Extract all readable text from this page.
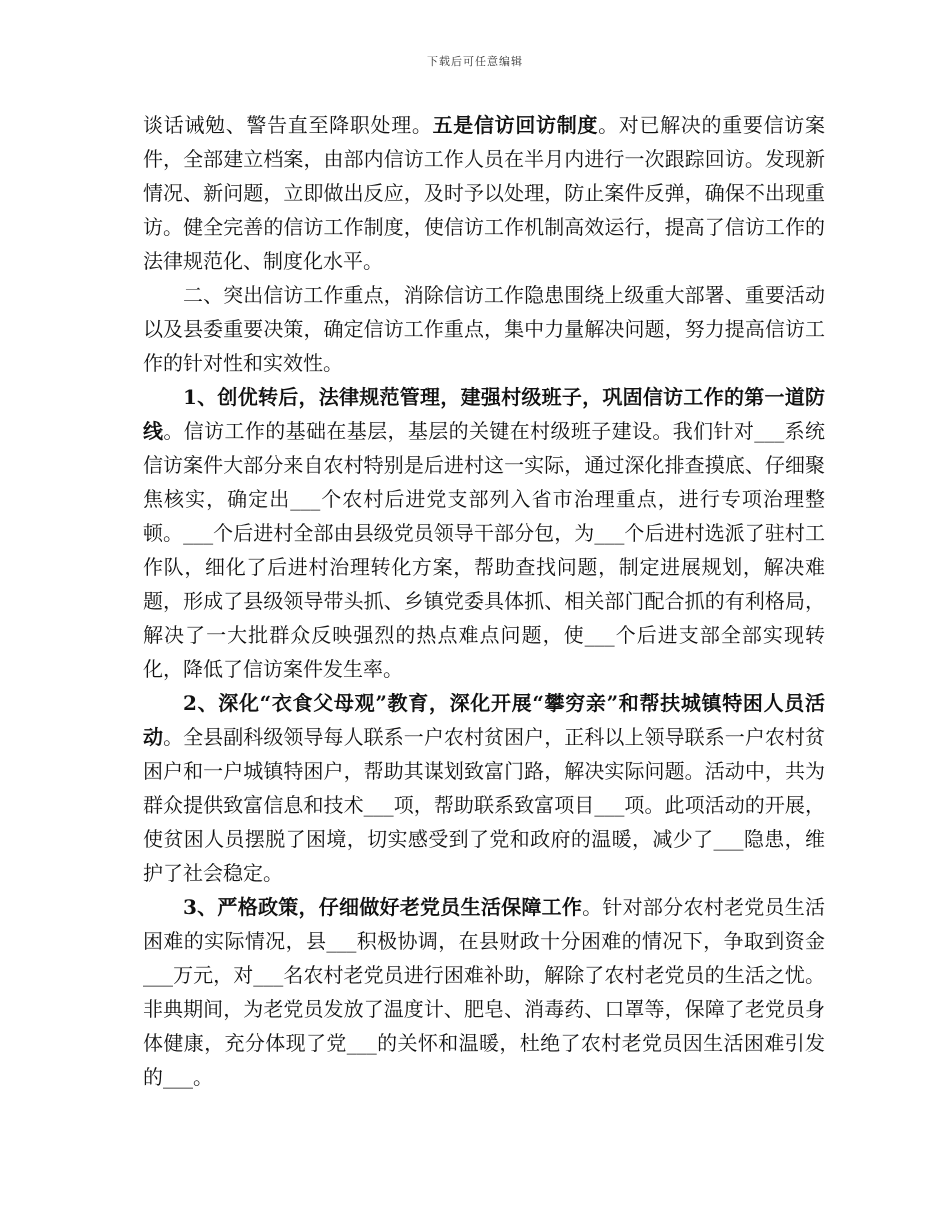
下载后可任意编辑

谈话诫勉、警告直至降职处理。五是信访回访制度。对已解决的重要信访案件，全部建立档案，由部内信访工作人员在半月内进行一次跟踪回访。发现新情况、新问题，立即做出反应，及时予以处理，防止案件反弹，确保不出现重访。健全完善的信访工作制度，使信访工作机制高效运行，提高了信访工作的法律规范化、制度化水平。

二、突出信访工作重点，消除信访工作隐患围绕上级重大部署、重要活动以及县委重要决策，确定信访工作重点，集中力量解决问题，努力提高信访工作的针对性和实效性。

1、创优转后，法律规范管理，建强村级班子，巩固信访工作的第一道防线。信访工作的基础在基层，基层的关键在村级班子建设。我们针对___系统信访案件大部分来自农村特别是后进村这一实际，通过深化排查摸底、仔细聚焦核实，确定出___个农村后进党支部列入省市治理重点，进行专项治理整顿。___个后进村全部由县级党员领导干部分包，为___个后进村选派了驻村工作队，细化了后进村治理转化方案，帮助查找问题，制定进展规划，解决难题，形成了县级领导带头抓、乡镇党委具体抓、相关部门配合抓的有利格局，解决了一大批群众反映强烈的热点难点问题，使___个后进支部全部实现转化，降低了信访案件发生率。

2、深化“衣食父母观”教育，深化开展“攀穷亲”和帮扶城镇特困人员活动。全县副科级领导每人联系一户农村贫困户，正科以上领导联系一户农村贫困户和一户城镇特困户，帮助其谋划致富门路，解决实际问题。活动中，共为群众提供致富信息和技术___项，帮助联系致富项目___项。此项活动的开展，使贫困人员摆脱了困境，切实感受到了党和政府的温暖，减少了___隐患，维护了社会稳定。

3、严格政策，仔细做好老党员生活保障工作。针对部分农村老党员生活困难的实际情况，县___积极协调，在县财政十分困难的情况下，争取到资金___万元，对___名农村老党员进行困难补助，解除了农村老党员的生活之忧。非典期间，为老党员发放了温度计、肥皂、消毒药、口罩等，保障了老党员身体健康，充分体现了党___的关怀和温暖，杜绝了农村老党员因生活困难引发的___。
